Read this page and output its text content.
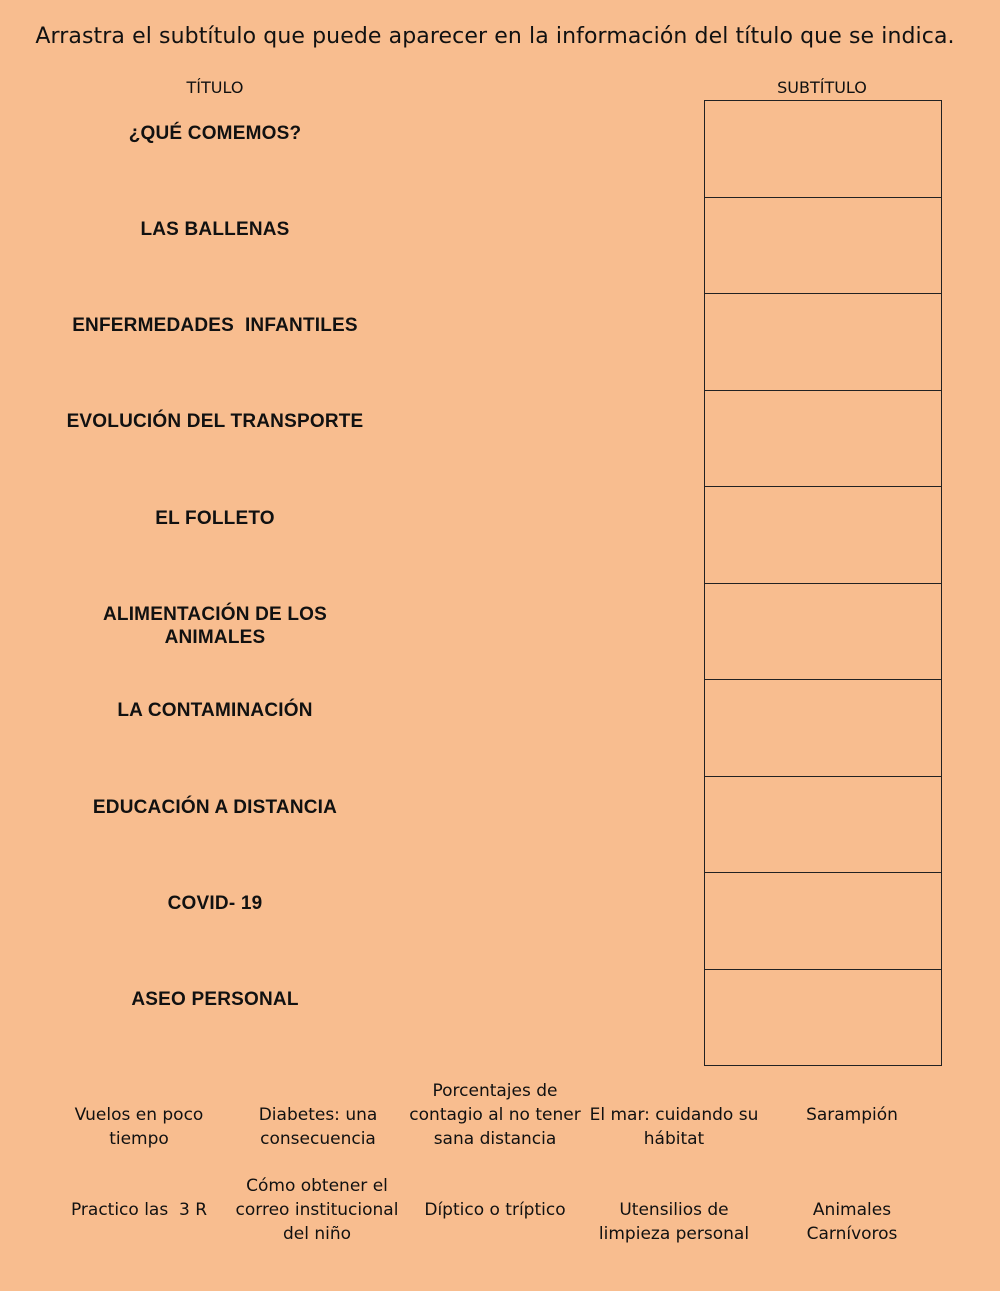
Arrastra el subtítulo que puede aparecer en la información del título que se indica.
TÍTULO	SUBTÍTULO
¿QUÉ COMEMOS?
LAS BALLENAS
ENFERMEDADES  INFANTILES
EVOLUCIÓN DEL TRANSPORTE
EL FOLLETO
ALIMENTACIÓN DE LOS
ANIMALES
LA CONTAMINACIÓN
EDUCACIÓN A DISTANCIA
COVID- 19
ASEO PERSONAL
Vuelos en poco
tiempo
Diabetes: una
consecuencia
Porcentajes de
contagio al no tener
sana distancia
El mar: cuidando su
hábitat
Sarampión
Practico las  3 R
Cómo obtener el
correo institucional
del niño
Díptico o tríptico	Utensilios de
limpieza personal
Animales
Carnívoros
